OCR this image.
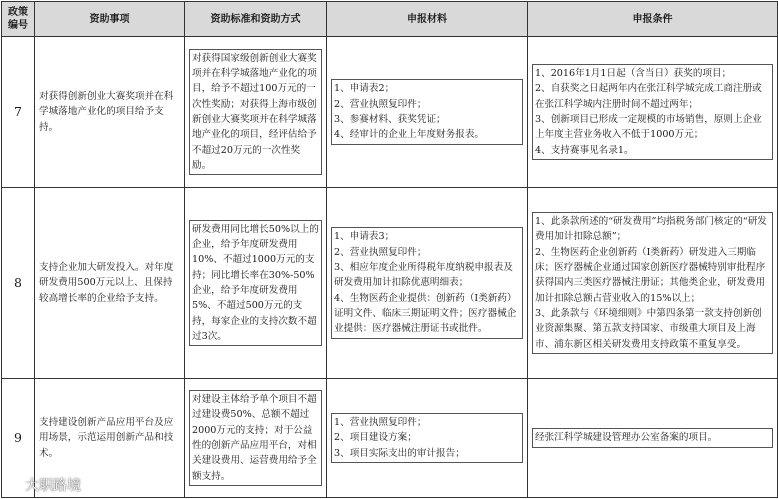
政策编号	资助事项	资助标准和资助方式	申报材料	申报条件
7	对获得创新创业大赛奖项并在科学城落地产业化的项目给予支持。	对获得国家级创新创业大赛奖项并在科学城落地产业化的项目，给予不超过100万元的一次性奖励；对获得上海市级创新创业大赛奖项并在科学城落地产业化的项目，经评估给予不超过20万元的一次性奖励。	1、申请表2；
2、营业执照复印件；
3、参赛材料、获奖凭证；
4、经审计的企业上年度财务报表。	1、2016年1月1日起（含当日）获奖的项目；
2、自获奖之日起两年内在张江科学城完成工商注册或在张江科学城内注册时间不超过两年；
3、创新项目已形成一定规模的市场销售，原则上企业上年度主营业务收入不低于1000万元；
4、支持赛事见名录1。

8	支持企业加大研发投入。对年度研发费用500万元以上、且保持较高增长率的企业给予支持。	研发费用同比增长50%以上的企业，给予年度研发费用10%、不超过1000万元的支持；同比增长率在30%-50%企业，给予年度研发费用5%、不超过500万元的支持，每家企业的支持次数不超过3次。	1、申请表3；
2、营业执照复印件；
3、相应年度企业所得税年度纳税申报表及研发费用加计扣除优惠明细表；
4、生物医药企业提供：创新药（I类新药）证明文件、临床三期证明文件；医疗器械企业提供：医疗器械注册证书或批件。	1、此条款所述的“研发费用”均指税务部门核定的“研发费用加计扣除总额”；
2、生物医药企业创新药（I类新药）研发进入三期临床；医疗器械企业通过国家创新医疗器械特别审批程序获得国内三类医疗器械注册证；其他类企业，研发费用加计扣除总额占营业收入的15%以上；
3、此条款与《环境细则》中第四条第一款支持创新创业资源集聚、第五款支持国家、市级重大项目及上海市、浦东新区相关研发费用支持政策不重复享受。

9	支持建设创新产品应用平台及应用场景，示范运用创新产品和技术。	对建设主体给予单个项目不超过建设费50%、总额不超过2000万元的支持；对于公益性的创新产品应用平台，对相关建设费用、运营费用给予全额支持。	1、营业执照复印件；
2、项目建设方案；
3、项目实际支出的审计报告；	经张江科学城建设管理办公室备案的项目。
大职路境
